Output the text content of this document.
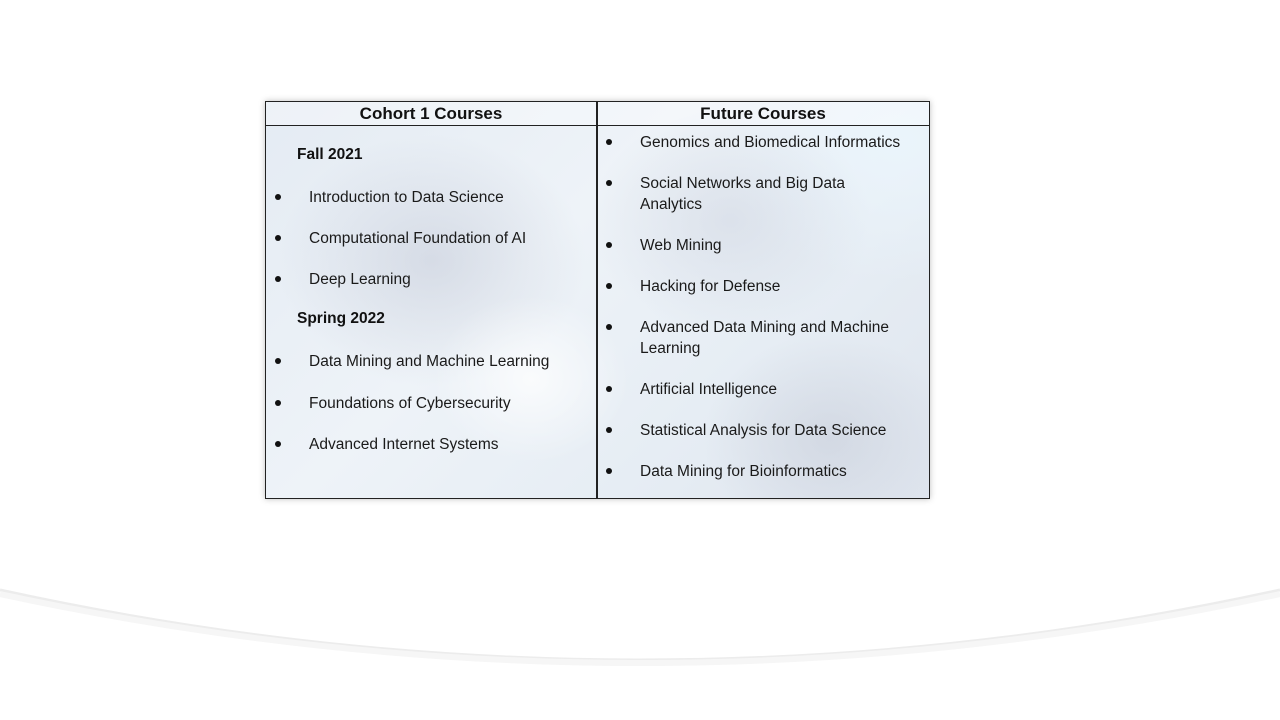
Cohort 1 Courses	Future Courses
Fall 2021
Introduction to Data Science
Computational Foundation of AI
Deep Learning
Spring 2022
Data Mining and Machine Learning
Foundations of Cybersecurity
Advanced Internet Systems
Genomics and Biomedical Informatics
Social Networks and Big Data Analytics
Web Mining
Hacking for Defense
Advanced Data Mining and Machine Learning
Artificial Intelligence
Statistical Analysis for Data Science
Data Mining for Bioinformatics
